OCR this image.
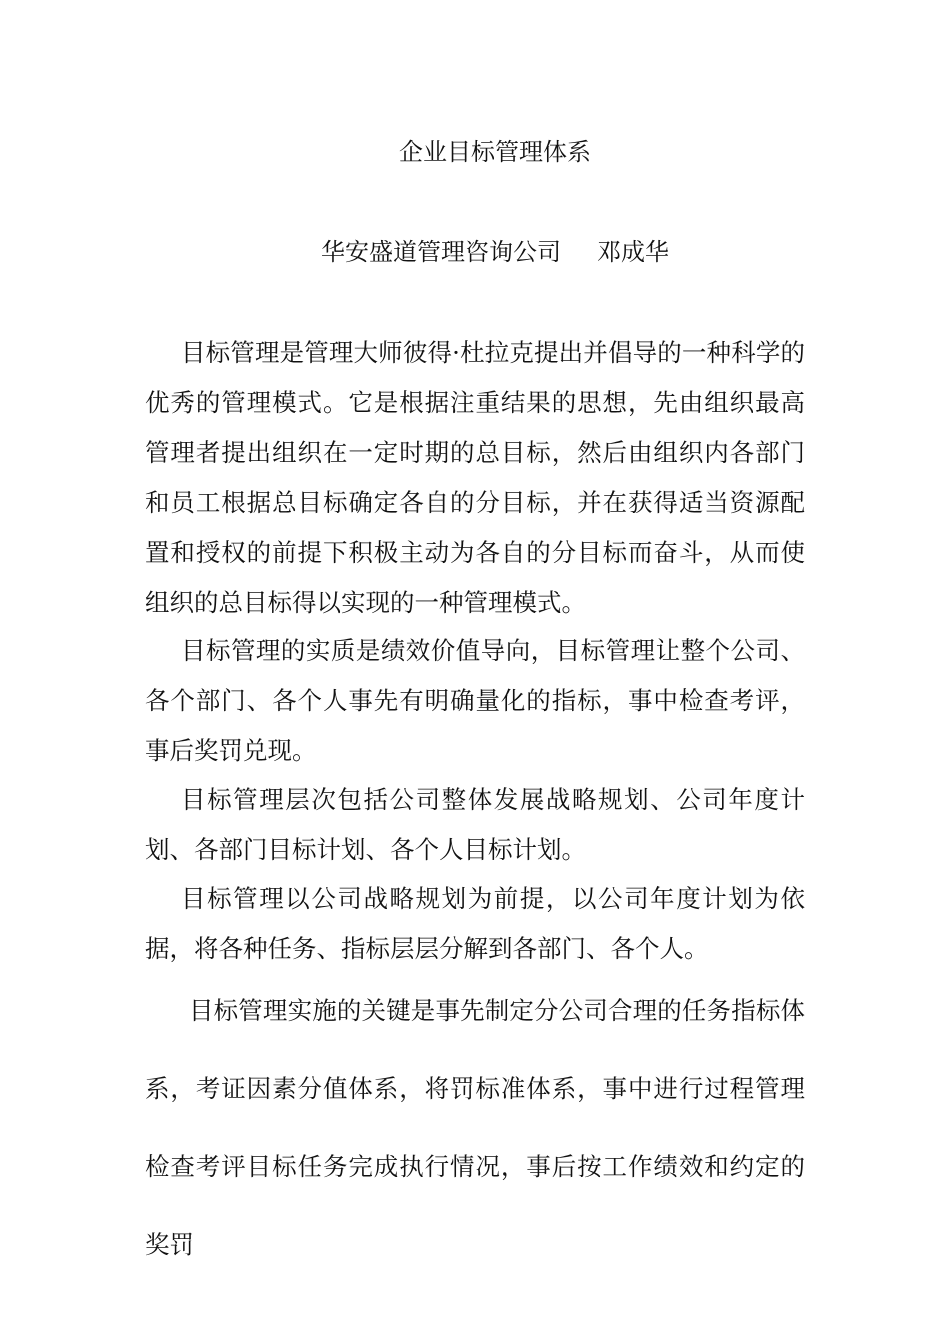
企业目标管理体系
华安盛道管理咨询公司 邓成华

目标管理是管理大师彼得·杜拉克提出并倡导的一种科学的优秀的管理模式。它是根据注重结果的思想，先由组织最高管理者提出组织在一定时期的总目标，然后由组织内各部门和员工根据总目标确定各自的分目标，并在获得适当资源配置和授权的前提下积极主动为各自的分目标而奋斗，从而使组织的总目标得以实现的一种管理模式。

目标管理的实质是绩效价值导向，目标管理让整个公司、各个部门、各个人事先有明确量化的指标，事中检查考评，事后奖罚兑现。

目标管理层次包括公司整体发展战略规划、公司年度计划、各部门目标计划、各个人目标计划。

目标管理以公司战略规划为前提，以公司年度计划为依据，将各种任务、指标层层分解到各部门、各个人。

目标管理实施的关键是事先制定分公司合理的任务指标体系，考证因素分值体系，将罚标准体系，事中进行过程管理检查考评目标任务完成执行情况，事后按工作绩效和约定的奖罚
